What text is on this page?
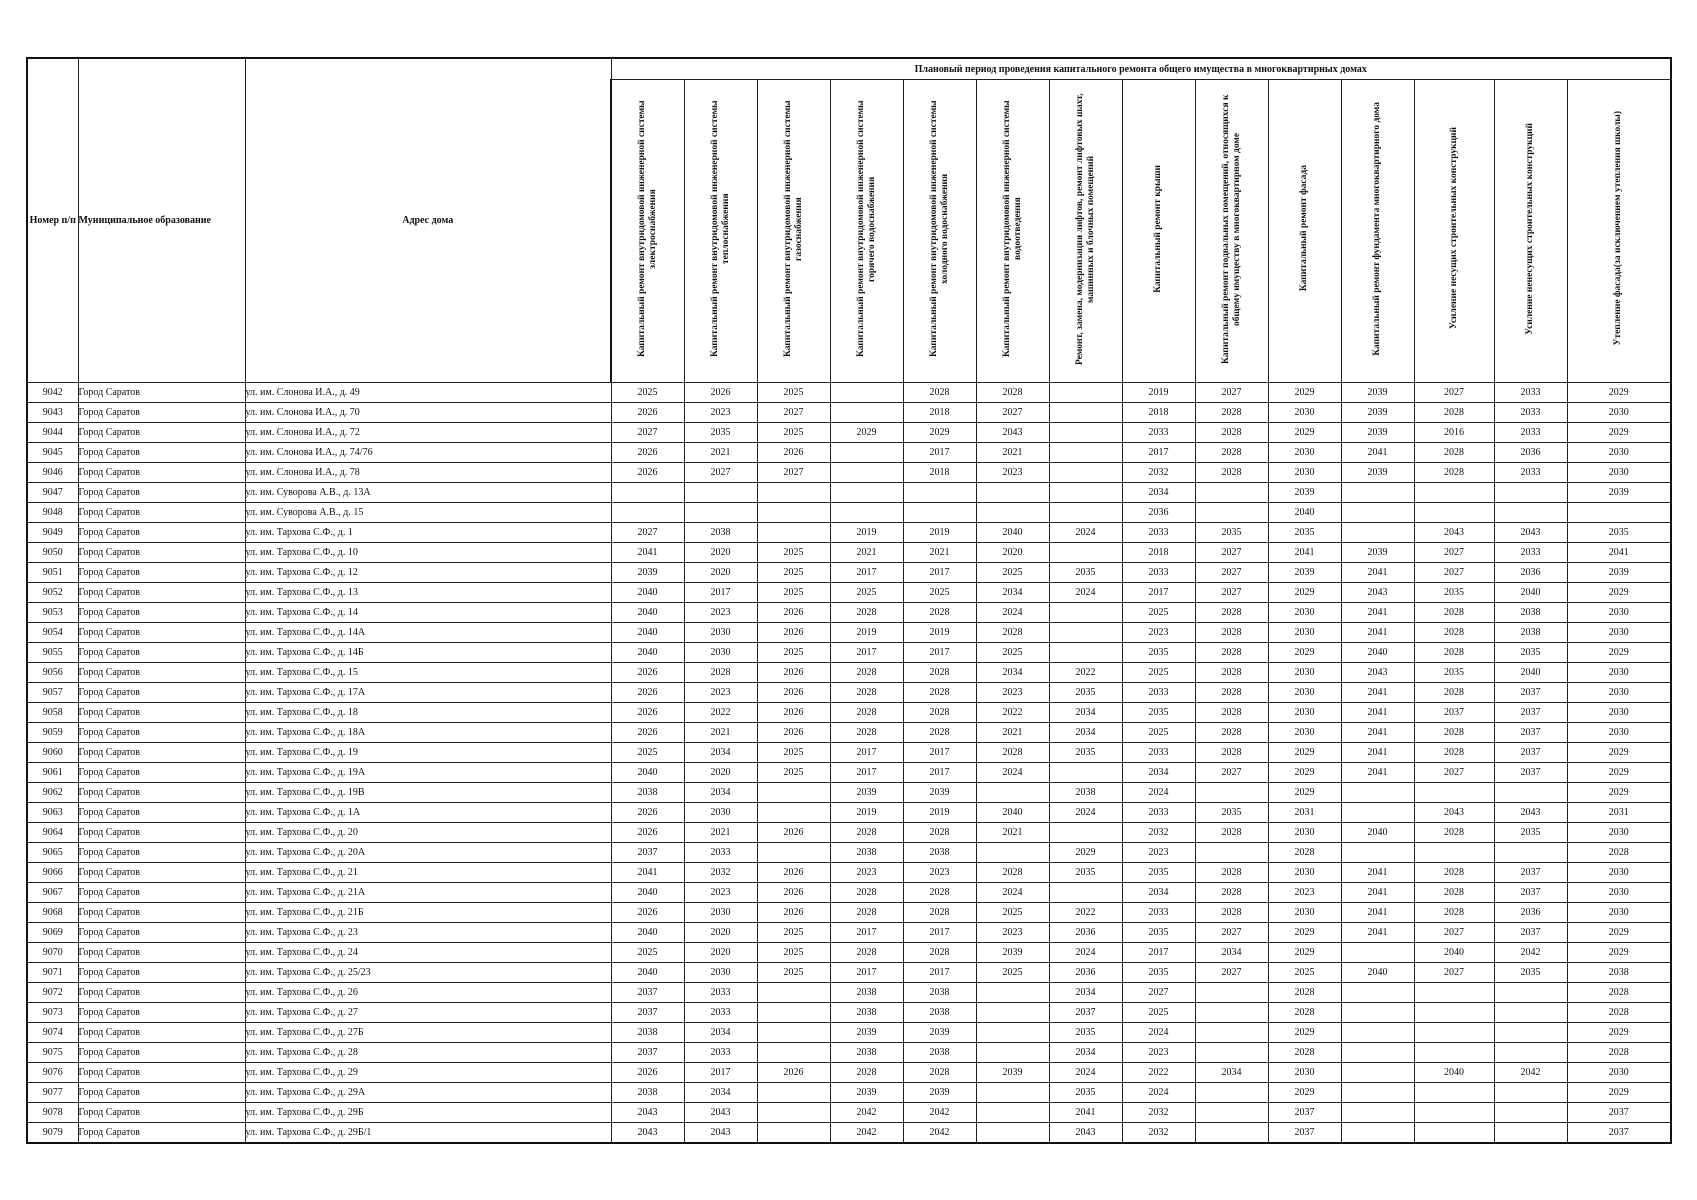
Номер п/п	Муниципальное образование	Адрес дома	Плановый период проведения капитального ремонта общего имущества в многоквартирных домах													
			Капитальный ремонт внутридомовой инженерной системы электроснабжения	Капитальный ремонт внутридомовой инженерной системы теплоснабжения	Капитальный ремонт внутридомовой инженерной системы газоснабжения	Капитальный ремонт внутридомовой инженерной системы горячего водоснабжения	Капитальный ремонт внутридомовой инженерной системы холодного водоснабжения	Капитальный ремонт внутридомовой инженерной системы водоотведения	Ремонт, замена, модернизация лифтов, ремонт лифтовых шахт, машинных и блочных помещений	Капитальный ремонт крыши	Капитальный ремонт подвальных помещений, относящихся к общему имуществу в многоквартирном доме	Капитальный ремонт фасада	Капитальный ремонт фундамента многоквартирного дома	Усиление несущих строительных конструкций	Усиление ненесущих строительных конструкций	Утепление фасада(за исключением утепления школы)
9042	Город Саратов	ул. им. Слонова И.А., д. 49	2025	2026	2025		2028	2028		2019	2027	2029	2039	2027	2033	2029
9043	Город Саратов	ул. им. Слонова И.А., д. 70	2026	2023	2027		2018	2027		2018	2028	2030	2039	2028	2033	2030
9044	Город Саратов	ул. им. Слонова И.А., д. 72	2027	2035	2025	2029	2029	2043		2033	2028	2029	2039	2016	2033	2029
9045	Город Саратов	ул. им. Слонова И.А., д. 74/76	2026	2021	2026		2017	2021		2017	2028	2030	2041	2028	2036	2030
9046	Город Саратов	ул. им. Слонова И.А., д. 78	2026	2027	2027		2018	2023		2032	2028	2030	2039	2028	2033	2030
9047	Город Саратов	ул. им. Суворова А.В., д. 13А								2034		2039				2039
9048	Город Саратов	ул. им. Суворова А.В., д. 15								2036		2040				
9049	Город Саратов	ул. им. Тархова С.Ф., д. 1	2027	2038		2019	2019	2040	2024	2033	2035	2035		2043	2043	2035
9050	Город Саратов	ул. им. Тархова С.Ф., д. 10	2041	2020	2025	2021	2021	2020		2018	2027	2041	2039	2027	2033	2041
9051	Город Саратов	ул. им. Тархова С.Ф., д. 12	2039	2020	2025	2017	2017	2025	2035	2033	2027	2039	2041	2027	2036	2039
9052	Город Саратов	ул. им. Тархова С.Ф., д. 13	2040	2017	2025	2025	2025	2034	2024	2017	2027	2029	2043	2035	2040	2029
9053	Город Саратов	ул. им. Тархова С.Ф., д. 14	2040	2023	2026	2028	2028	2024		2025	2028	2030	2041	2028	2038	2030
9054	Город Саратов	ул. им. Тархова С.Ф., д. 14А	2040	2030	2026	2019	2019	2028		2023	2028	2030	2041	2028	2038	2030
9055	Город Саратов	ул. им. Тархова С.Ф., д. 14Б	2040	2030	2025	2017	2017	2025		2035	2028	2029	2040	2028	2035	2029
9056	Город Саратов	ул. им. Тархова С.Ф., д. 15	2026	2028	2026	2028	2028	2034	2022	2025	2028	2030	2043	2035	2040	2030
9057	Город Саратов	ул. им. Тархова С.Ф., д. 17А	2026	2023	2026	2028	2028	2023	2035	2033	2028	2030	2041	2028	2037	2030
9058	Город Саратов	ул. им. Тархова С.Ф., д. 18	2026	2022	2026	2028	2028	2022	2034	2035	2028	2030	2041	2037	2037	2030
9059	Город Саратов	ул. им. Тархова С.Ф., д. 18А	2026	2021	2026	2028	2028	2021	2034	2025	2028	2030	2041	2028	2037	2030
9060	Город Саратов	ул. им. Тархова С.Ф., д. 19	2025	2034	2025	2017	2017	2028	2035	2033	2028	2029	2041	2028	2037	2029
9061	Город Саратов	ул. им. Тархова С.Ф., д. 19А	2040	2020	2025	2017	2017	2024		2034	2027	2029	2041	2027	2037	2029
9062	Город Саратов	ул. им. Тархова С.Ф., д. 19В	2038	2034		2039	2039		2038	2024		2029				2029
9063	Город Саратов	ул. им. Тархова С.Ф., д. 1А	2026	2030		2019	2019	2040	2024	2033	2035	2031		2043	2043	2031
9064	Город Саратов	ул. им. Тархова С.Ф., д. 20	2026	2021	2026	2028	2028	2021		2032	2028	2030	2040	2028	2035	2030
9065	Город Саратов	ул. им. Тархова С.Ф., д. 20А	2037	2033		2038	2038		2029	2023		2028				2028
9066	Город Саратов	ул. им. Тархова С.Ф., д. 21	2041	2032	2026	2023	2023	2028	2035	2035	2028	2030	2041	2028	2037	2030
9067	Город Саратов	ул. им. Тархова С.Ф., д. 21А	2040	2023	2026	2028	2028	2024		2034	2028	2023	2041	2028	2037	2030
9068	Город Саратов	ул. им. Тархова С.Ф., д. 21Б	2026	2030	2026	2028	2028	2025	2022	2033	2028	2030	2041	2028	2036	2030
9069	Город Саратов	ул. им. Тархова С.Ф., д. 23	2040	2020	2025	2017	2017	2023	2036	2035	2027	2029	2041	2027	2037	2029
9070	Город Саратов	ул. им. Тархова С.Ф., д. 24	2025	2020	2025	2028	2028	2039	2024	2017	2034	2029		2040	2042	2029
9071	Город Саратов	ул. им. Тархова С.Ф., д. 25/23	2040	2030	2025	2017	2017	2025	2036	2035	2027	2025	2040	2027	2035	2038
9072	Город Саратов	ул. им. Тархова С.Ф., д. 26	2037	2033		2038	2038		2034	2027		2028				2028
9073	Город Саратов	ул. им. Тархова С.Ф., д. 27	2037	2033		2038	2038		2037	2025		2028				2028
9074	Город Саратов	ул. им. Тархова С.Ф., д. 27Б	2038	2034		2039	2039		2035	2024		2029				2029
9075	Город Саратов	ул. им. Тархова С.Ф., д. 28	2037	2033		2038	2038		2034	2023		2028				2028
9076	Город Саратов	ул. им. Тархова С.Ф., д. 29	2026	2017	2026	2028	2028	2039	2024	2022	2034	2030		2040	2042	2030
9077	Город Саратов	ул. им. Тархова С.Ф., д. 29А	2038	2034		2039	2039		2035	2024		2029				2029
9078	Город Саратов	ул. им. Тархова С.Ф., д. 29Б	2043	2043		2042	2042		2041	2032		2037				2037
9079	Город Саратов	ул. им. Тархова С.Ф., д. 29Б/1	2043	2043		2042	2042		2043	2032		2037				2037
